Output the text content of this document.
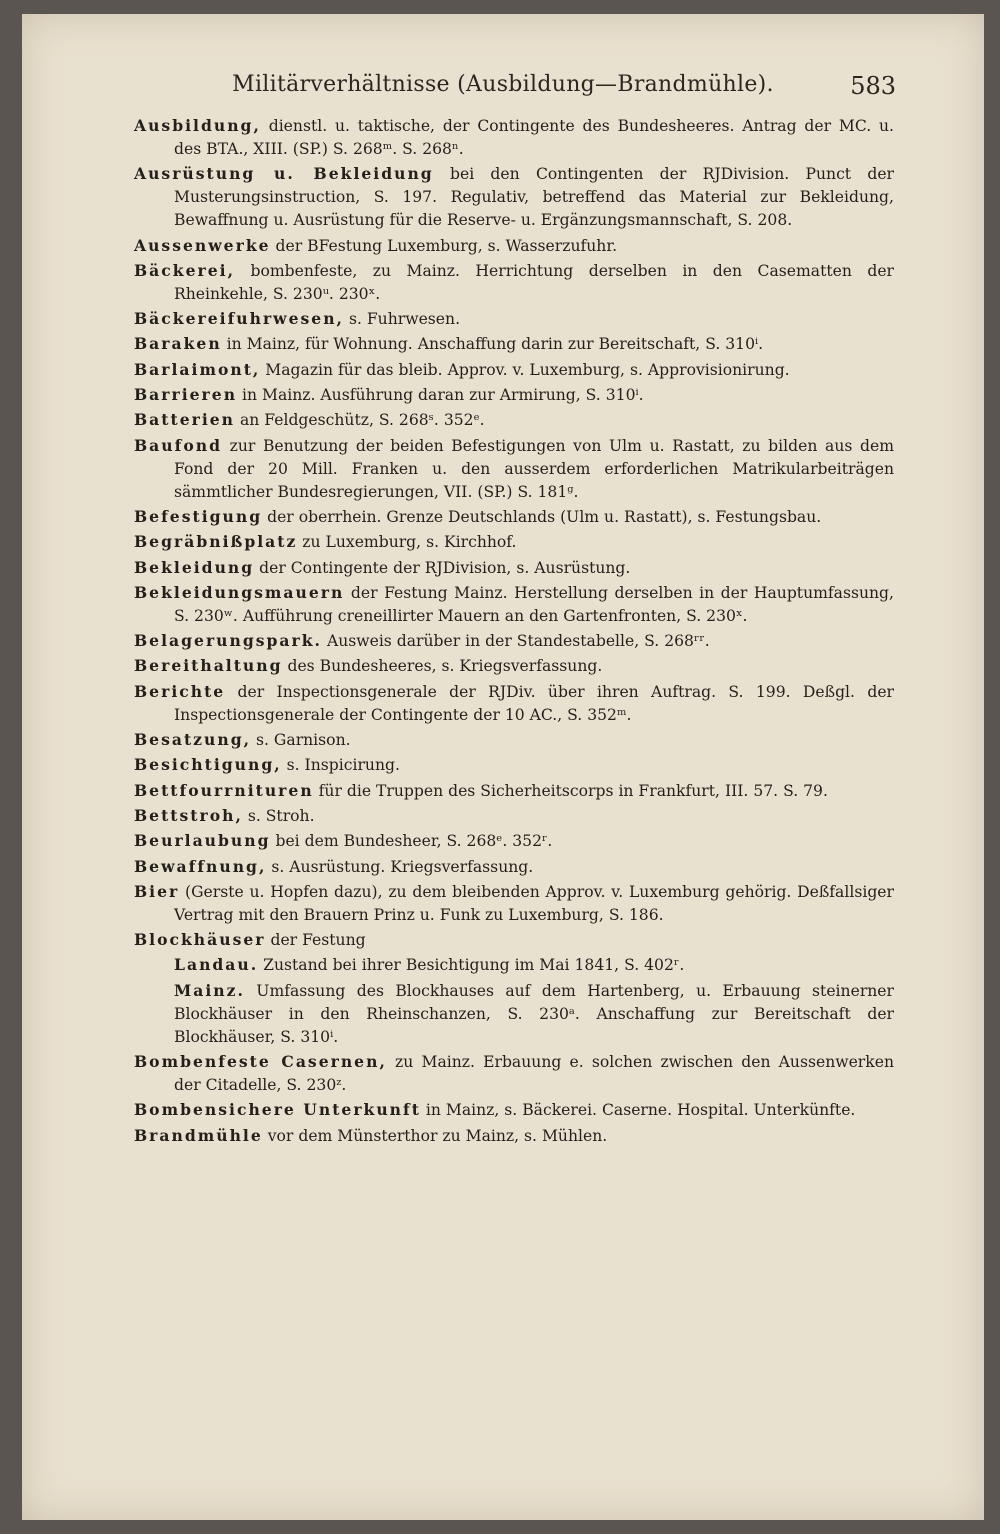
Militärverhältnisse (Ausbildung—Brandmühle).	583

Ausbildung, dienstl. u. taktische, der Contingente des Bundesheeres. Antrag der MC. u. des BTA., XIII. (SP.) S. 268ᵐ. S. 268ⁿ.

Ausrüstung u. Bekleidung bei den Contingenten der RJDivision. Punct der Musterungsinstruction, S. 197. Regulativ, betreffend das Material zur Bekleidung, Bewaffnung u. Ausrüstung für die Reserve- u. Ergänzungsmannschaft, S. 208.

Aussenwerke der BFestung Luxemburg, s. Wasserzufuhr.

Bäckerei, bombenfeste, zu Mainz. Herrichtung derselben in den Casematten der Rheinkehle, S. 230ᵘ. 230ˣ.

Bäckereifuhrwesen, s. Fuhrwesen.

Baraken in Mainz, für Wohnung. Anschaffung darin zur Bereitschaft, S. 310ⁱ.

Barlaimont, Magazin für das bleib. Approv. v. Luxemburg, s. Approvisionirung.

Barrieren in Mainz. Ausführung daran zur Armirung, S. 310ⁱ.

Batterien an Feldgeschütz, S. 268ˢ. 352ᵉ.

Baufond zur Benutzung der beiden Befestigungen von Ulm u. Rastatt, zu bilden aus dem Fond der 20 Mill. Franken u. den ausserdem erforderlichen Matrikularbeiträgen sämmtlicher Bundesregierungen, VII. (SP.) S. 181ᵍ.

Befestigung der oberrhein. Grenze Deutschlands (Ulm u. Rastatt), s. Festungsbau.

Begräbnißplatz zu Luxemburg, s. Kirchhof.

Bekleidung der Contingente der RJDivision, s. Ausrüstung.

Bekleidungsmauern der Festung Mainz. Herstellung derselben in der Hauptumfassung, S. 230ʷ. Aufführung creneillirter Mauern an den Gartenfronten, S. 230ˣ.

Belagerungspark. Ausweis darüber in der Standestabelle, S. 268ʳʳ.

Bereithaltung des Bundesheeres, s. Kriegsverfassung.

Berichte der Inspectionsgenerale der RJDiv. über ihren Auftrag. S. 199. Deßgl. der Inspectionsgenerale der Contingente der 10 AC., S. 352ᵐ.

Besatzung, s. Garnison.

Besichtigung, s. Inspicirung.

Bettfourrnituren für die Truppen des Sicherheitscorps in Frankfurt, III. 57. S. 79.

Bettstroh, s. Stroh.

Beurlaubung bei dem Bundesheer, S. 268ᵉ. 352ʳ.

Bewaffnung, s. Ausrüstung. Kriegsverfassung.

Bier (Gerste u. Hopfen dazu), zu dem bleibenden Approv. v. Luxemburg gehörig. Deßfallsiger Vertrag mit den Brauern Prinz u. Funk zu Luxemburg, S. 186.

Blockhäuser der Festung

Landau. Zustand bei ihrer Besichtigung im Mai 1841, S. 402ʳ.

Mainz. Umfassung des Blockhauses auf dem Hartenberg, u. Erbauung steinerner Blockhäuser in den Rheinschanzen, S. 230ᵃ. Anschaffung zur Bereitschaft der Blockhäuser, S. 310ⁱ.

Bombenfeste Casernen, zu Mainz. Erbauung e. solchen zwischen den Aussenwerken der Citadelle, S. 230ᶻ.

Bombensichere Unterkunft in Mainz, s. Bäckerei. Caserne. Hospital. Unterkünfte.

Brandmühle vor dem Münsterthor zu Mainz, s. Mühlen.
